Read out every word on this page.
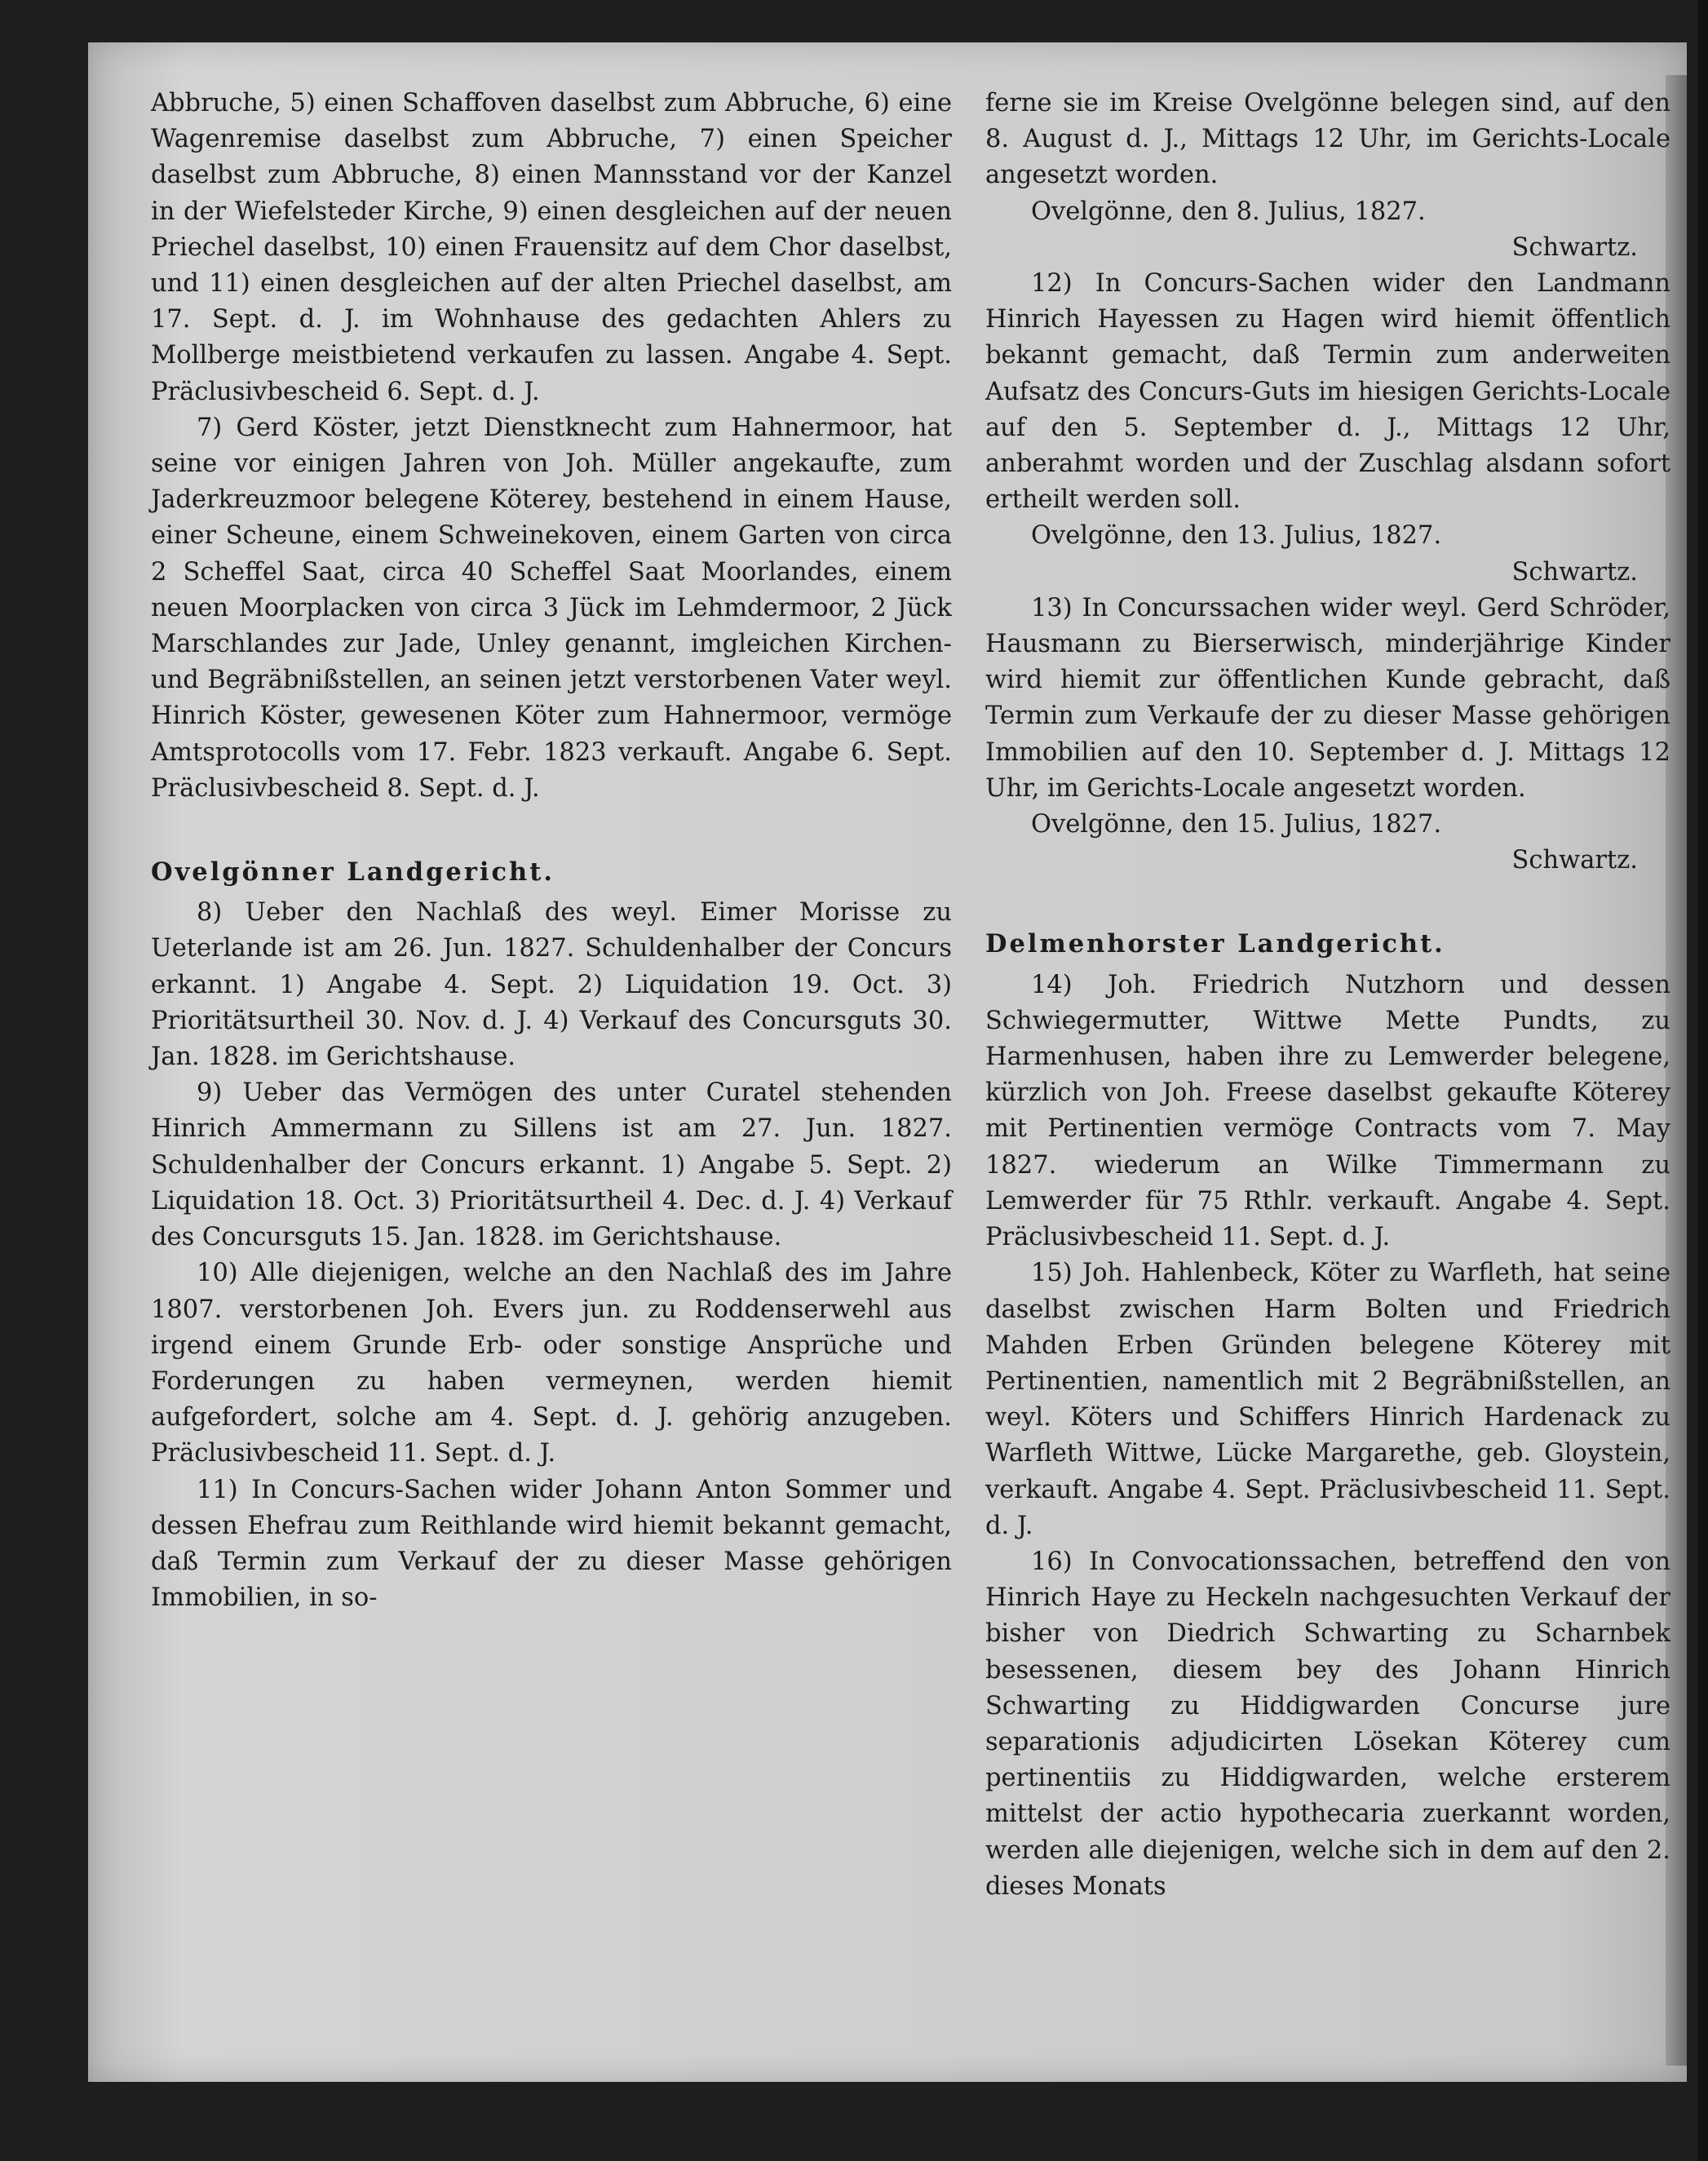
Abbruche, 5) einen Schaffoven daselbst zum Abbruche, 6) eine Wagenremise daselbst zum Abbruche, 7) einen Speicher daselbst zum Abbruche, 8) einen Mannsstand vor der Kanzel in der Wiefelsteder Kirche, 9) einen desgleichen auf der neuen Priechel daselbst, 10) einen Frauensitz auf dem Chor daselbst, und 11) einen desgleichen auf der alten Priechel daselbst, am 17. Sept. d. J. im Wohnhause des gedachten Ahlers zu Mollberge meistbietend verkaufen zu lassen. Angabe 4. Sept. Präclusivbescheid 6. Sept. d. J.

7) Gerd Köster, jetzt Dienstknecht zum Hahnermoor, hat seine vor einigen Jahren von Joh. Müller angekaufte, zum Jaderkreuzmoor belegene Köterey, bestehend in einem Hause, einer Scheune, einem Schweinekoven, einem Garten von circa 2 Scheffel Saat, circa 40 Scheffel Saat Moorlandes, einem neuen Moorplacken von circa 3 Jück im Lehmdermoor, 2 Jück Marschlandes zur Jade, Unley genannt, imgleichen Kirchen- und Begräbnißstellen, an seinen jetzt verstorbenen Vater weyl. Hinrich Köster, gewesenen Köter zum Hahnermoor, vermöge Amtsprotocolls vom 17. Febr. 1823 verkauft. Angabe 6. Sept. Präclusivbescheid 8. Sept. d. J.

Ovelgönner Landgericht.

8) Ueber den Nachlaß des weyl. Eimer Morisse zu Ueterlande ist am 26. Jun. 1827. Schuldenhalber der Concurs erkannt. 1) Angabe 4. Sept. 2) Liquidation 19. Oct. 3) Prioritätsurtheil 30. Nov. d. J. 4) Verkauf des Concursguts 30. Jan. 1828. im Gerichtshause.

9) Ueber das Vermögen des unter Curatel stehenden Hinrich Ammermann zu Sillens ist am 27. Jun. 1827. Schuldenhalber der Concurs erkannt. 1) Angabe 5. Sept. 2) Liquidation 18. Oct. 3) Prioritätsurtheil 4. Dec. d. J. 4) Verkauf des Concursguts 15. Jan. 1828. im Gerichtshause.

10) Alle diejenigen, welche an den Nachlaß des im Jahre 1807. verstorbenen Joh. Evers jun. zu Roddenserwehl aus irgend einem Grunde Erb- oder sonstige Ansprüche und Forderungen zu haben vermeynen, werden hiemit aufgefordert, solche am 4. Sept. d. J. gehörig anzugeben. Präclusivbescheid 11. Sept. d. J.

11) In Concurs-Sachen wider Johann Anton Sommer und dessen Ehefrau zum Reithlande wird hiemit bekannt gemacht, daß Termin zum Verkauf der zu dieser Masse gehörigen Immobilien, in so-

ferne sie im Kreise Ovelgönne belegen sind, auf den 8. August d. J., Mittags 12 Uhr, im Gerichts-Locale angesetzt worden.

Ovelgönne, den 8. Julius, 1827.

Schwartz.

12) In Concurs-Sachen wider den Landmann Hinrich Hayessen zu Hagen wird hiemit öffentlich bekannt gemacht, daß Termin zum anderweiten Aufsatz des Concurs-Guts im hiesigen Gerichts-Locale auf den 5. September d. J., Mittags 12 Uhr, anberahmt worden und der Zuschlag alsdann sofort ertheilt werden soll.

Ovelgönne, den 13. Julius, 1827.

Schwartz.

13) In Concurssachen wider weyl. Gerd Schröder, Hausmann zu Bierserwisch, minderjährige Kinder wird hiemit zur öffentlichen Kunde gebracht, daß Termin zum Verkaufe der zu dieser Masse gehörigen Immobilien auf den 10. September d. J. Mittags 12 Uhr, im Gerichts-Locale angesetzt worden.

Ovelgönne, den 15. Julius, 1827.

Schwartz.

Delmenhorster Landgericht.

14) Joh. Friedrich Nutzhorn und dessen Schwiegermutter, Wittwe Mette Pundts, zu Harmenhusen, haben ihre zu Lemwerder belegene, kürzlich von Joh. Freese daselbst gekaufte Köterey mit Pertinentien vermöge Contracts vom 7. May 1827. wiederum an Wilke Timmermann zu Lemwerder für 75 Rthlr. verkauft. Angabe 4. Sept. Präclusivbescheid 11. Sept. d. J.

15) Joh. Hahlenbeck, Köter zu Warfleth, hat seine daselbst zwischen Harm Bolten und Friedrich Mahden Erben Gründen belegene Köterey mit Pertinentien, namentlich mit 2 Begräbnißstellen, an weyl. Köters und Schiffers Hinrich Hardenack zu Warfleth Wittwe, Lücke Margarethe, geb. Gloystein, verkauft. Angabe 4. Sept. Präclusivbescheid 11. Sept. d. J.

16) In Convocationssachen, betreffend den von Hinrich Haye zu Heckeln nachgesuchten Verkauf der bisher von Diedrich Schwarting zu Scharnbek besessenen, diesem bey des Johann Hinrich Schwarting zu Hiddigwarden Concurse jure separationis adjudicirten Lösekan Köterey cum pertinentiis zu Hiddigwarden, welche ersterem mittelst der actio hypothecaria zuerkannt worden, werden alle diejenigen, welche sich in dem auf den 2. dieses Monats
